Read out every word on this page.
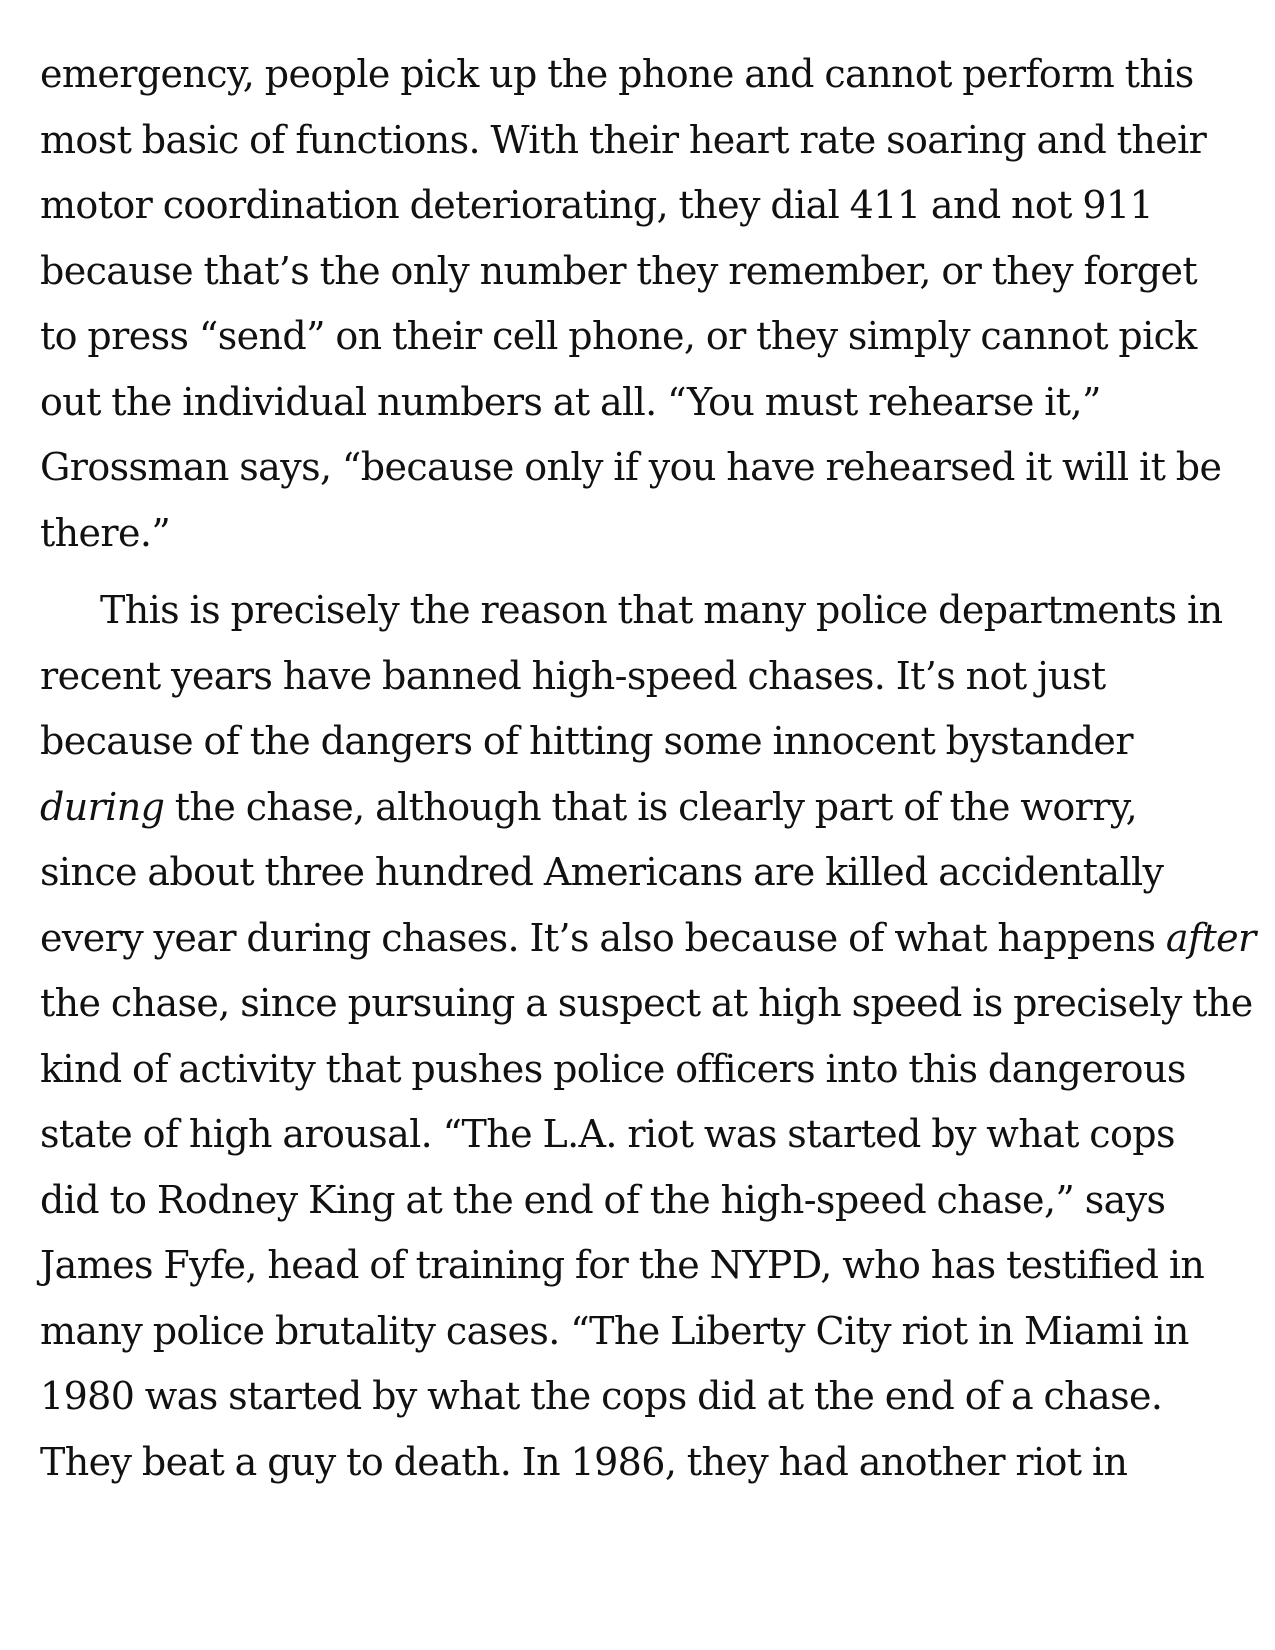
emergency, people pick up the phone and cannot perform this
most basic of functions. With their heart rate soaring and their
motor coordination deteriorating, they dial 411 and not 911
because that’s the only number they remember, or they forget
to press “send” on their cell phone, or they simply cannot pick
out the individual numbers at all. “You must rehearse it,”
Grossman says, “because only if you have rehearsed it will it be
there.”
This is precisely the reason that many police departments in
recent years have banned high-speed chases. It’s not just
because of the dangers of hitting some innocent bystander
during the chase, although that is clearly part of the worry,
since about three hundred Americans are killed accidentally
every year during chases. It’s also because of what happens after
the chase, since pursuing a suspect at high speed is precisely the
kind of activity that pushes police officers into this dangerous
state of high arousal. “The L.A. riot was started by what cops
did to Rodney King at the end of the high-speed chase,” says
James Fyfe, head of training for the NYPD, who has testified in
many police brutality cases. “The Liberty City riot in Miami in
1980 was started by what the cops did at the end of a chase.
They beat a guy to death. In 1986, they had another riot in
